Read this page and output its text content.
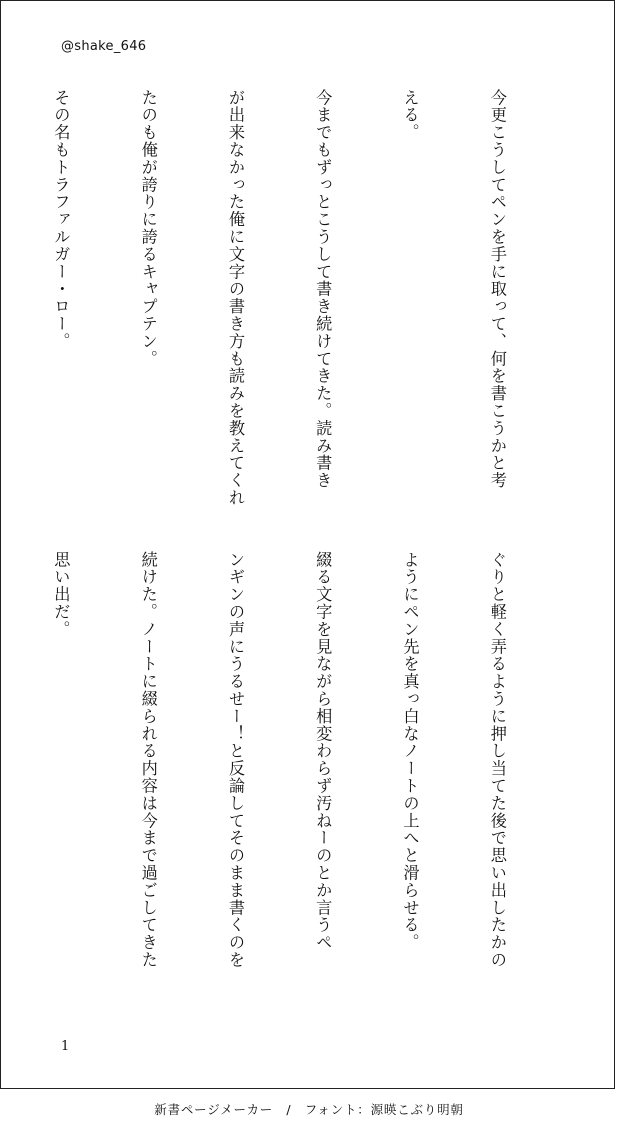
@shake_646

今更こうしてペンを手に取って、何を書こうかと考

える。

今までもずっとこうして書き続けてきた。読み書き

が出来なかった俺に文字の書き方も読みを教えてくれ

たのも俺が誇りに誇るキャプテン。

その名もトラファルガー・ロー。

ぐりと軽く弄るように押し当てた後で思い出したかの

ようにペン先を真っ白なノートの上へと滑らせる。

綴る文字を見ながら相変わらず汚ねーのとか言うペ

ンギンの声にうるせー！と反論してそのまま書くのを

続けた。ノートに綴られる内容は今まで過ごしてきた

思い出だ。

1
新書ページメーカー　/　フォント：源暎こぶり明朝
